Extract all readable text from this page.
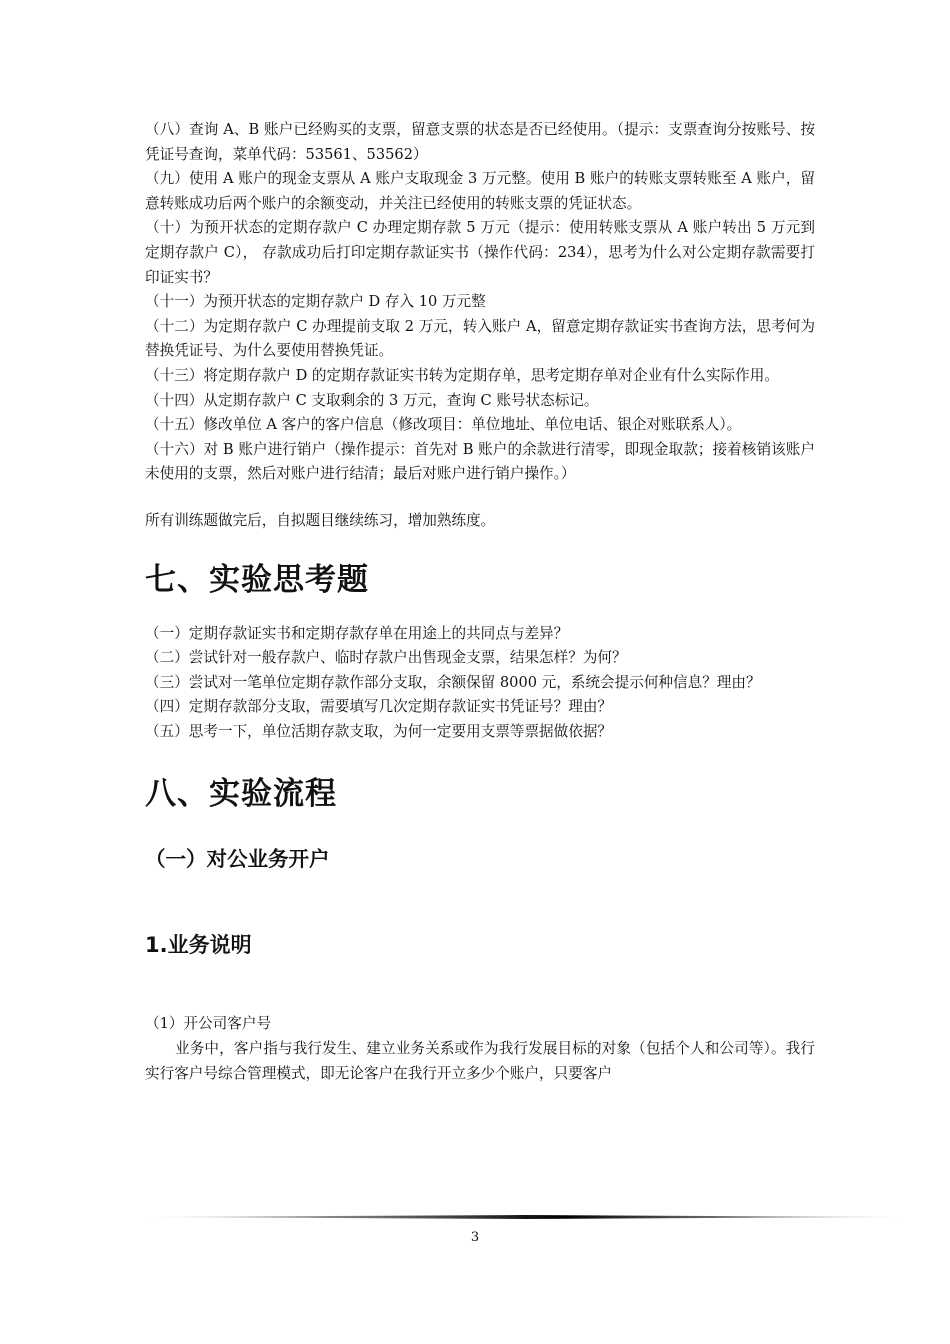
（八）查询 A、B 账户已经购买的支票，留意支票的状态是否已经使用。（提示：支票查询分按账号、按凭证号查询，菜单代码：53561、53562）

（九）使用 A 账户的现金支票从 A 账户支取现金 3 万元整。使用 B 账户的转账支票转账至 A 账户，留意转账成功后两个账户的余额变动，并关注已经使用的转账支票的凭证状态。

（十）为预开状态的定期存款户 C 办理定期存款 5 万元（提示：使用转账支票从 A 账户转出 5 万元到定期存款户 C）， 存款成功后打印定期存款证实书（操作代码：234），思考为什么对公定期存款需要打印证实书？

（十一）为预开状态的定期存款户 D 存入 10 万元整

（十二）为定期存款户 C 办理提前支取 2 万元，转入账户 A，留意定期存款证实书查询方法，思考何为替换凭证号、为什么要使用替换凭证。

（十三）将定期存款户 D 的定期存款证实书转为定期存单，思考定期存单对企业有什么实际作用。

（十四）从定期存款户 C 支取剩余的 3 万元，查询 C 账号状态标记。

（十五）修改单位 A 客户的客户信息（修改项目：单位地址、单位电话、银企对账联系人）。

（十六）对 B 账户进行销户（操作提示：首先对 B 账户的余款进行清零，即现金取款；接着核销该账户未使用的支票，然后对账户进行结清；最后对账户进行销户操作。）

所有训练题做完后，自拟题目继续练习，增加熟练度。

七、实验思考题

（一）定期存款证实书和定期存款存单在用途上的共同点与差异？

（二）尝试针对一般存款户、临时存款户出售现金支票，结果怎样？为何？

（三）尝试对一笔单位定期存款作部分支取，余额保留 8000 元，系统会提示何种信息？理由？

（四）定期存款部分支取，需要填写几次定期存款证实书凭证号？理由？

（五）思考一下，单位活期存款支取，为何一定要用支票等票据做依据？

八、实验流程
（一）对公业务开户
1.业务说明

（1）开公司客户号

业务中，客户指与我行发生、建立业务关系或作为我行发展目标的对象（包括个人和公司等）。我行实行客户号综合管理模式，即无论客户在我行开立多少个账户，只要客户

3
